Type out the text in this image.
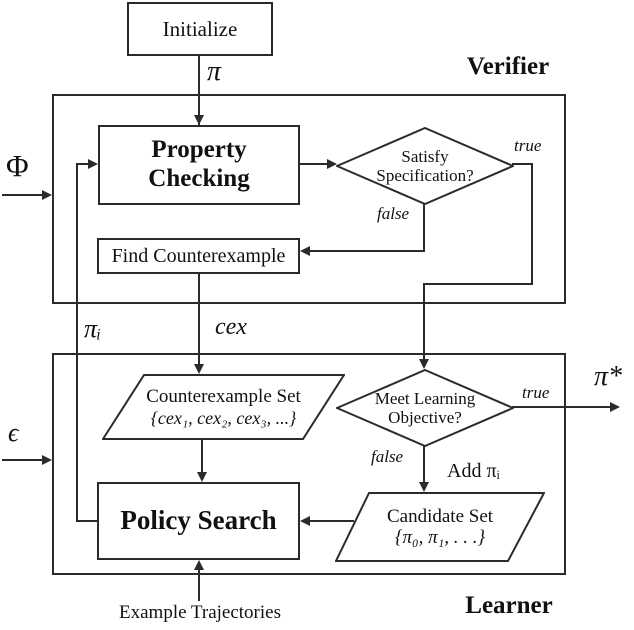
Initialize
Property Checking
Find Counterexample
Policy Search
Satisfy Specification?
Meet Learning Objective?
Counterexample Set
{cex₁, cex₂, cex₃, ...}
Candidate Set
{π₀, π₁, . . .}
Verifier
Learner
π
Φ
πᵢ	cex
ϵ
π*
true
false
true
false
Add πᵢ
Example Trajectories
